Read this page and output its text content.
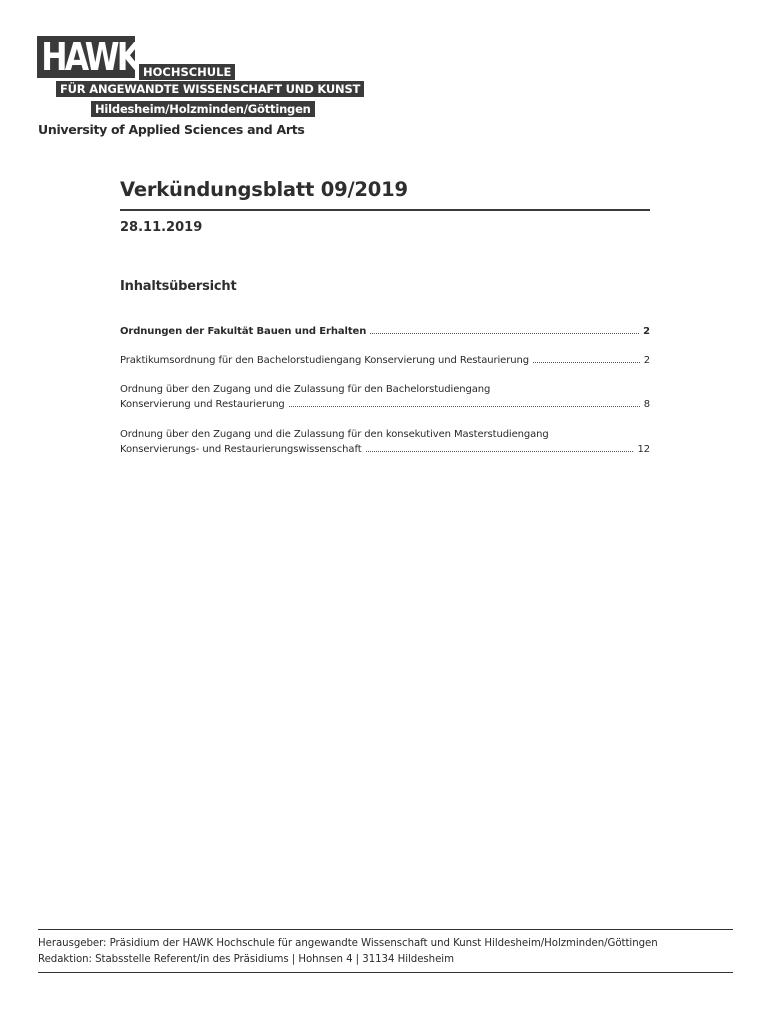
HAWK HOCHSCHULE
FÜR ANGEWANDTE WISSENSCHAFT UND KUNST
Hildesheim/Holzminden/Göttingen
University of Applied Sciences and Arts
Verkündungsblatt 09/2019
28.11.2019
Inhaltsübersicht
Ordnungen der Fakultät Bauen und Erhalten	2
Praktikumsordnung für den Bachelorstudiengang Konservierung und Restaurierung	2
Ordnung über den Zugang und die Zulassung für den Bachelorstudiengang
Konservierung und Restaurierung	8
Ordnung über den Zugang und die Zulassung für den konsekutiven Masterstudiengang
Konservierungs- und Restaurierungswissenschaft	12
Herausgeber: Präsidium der HAWK Hochschule für angewandte Wissenschaft und Kunst Hildesheim/Holzminden/Göttingen
Redaktion: Stabsstelle Referent/in des Präsidiums | Hohnsen 4 | 31134 Hildesheim
